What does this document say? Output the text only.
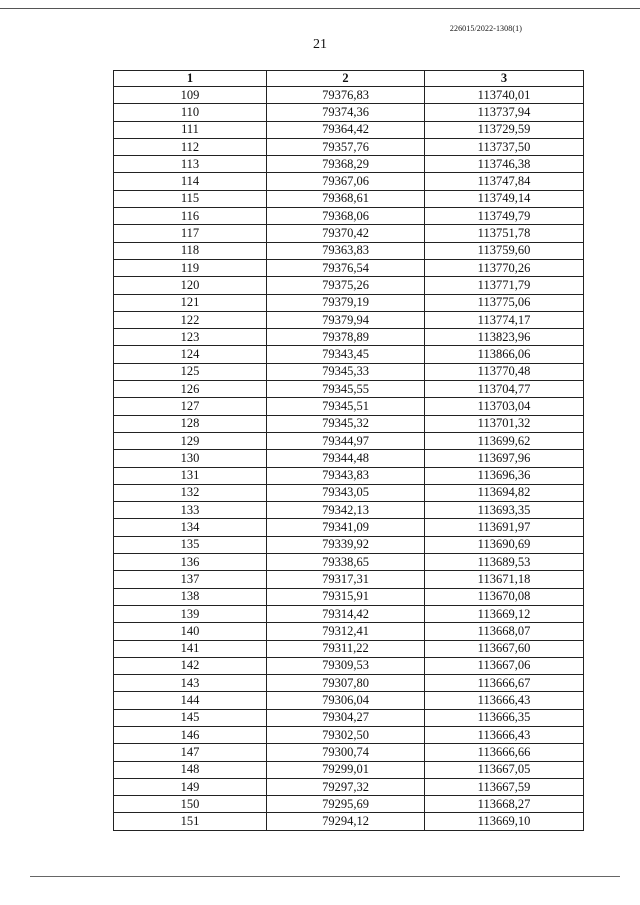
226015/2022-1308(1)
21
1	2	3
109	79376,83	113740,01
110	79374,36	113737,94
111	79364,42	113729,59
112	79357,76	113737,50
113	79368,29	113746,38
114	79367,06	113747,84
115	79368,61	113749,14
116	79368,06	113749,79
117	79370,42	113751,78
118	79363,83	113759,60
119	79376,54	113770,26
120	79375,26	113771,79
121	79379,19	113775,06
122	79379,94	113774,17
123	79378,89	113823,96
124	79343,45	113866,06
125	79345,33	113770,48
126	79345,55	113704,77
127	79345,51	113703,04
128	79345,32	113701,32
129	79344,97	113699,62
130	79344,48	113697,96
131	79343,83	113696,36
132	79343,05	113694,82
133	79342,13	113693,35
134	79341,09	113691,97
135	79339,92	113690,69
136	79338,65	113689,53
137	79317,31	113671,18
138	79315,91	113670,08
139	79314,42	113669,12
140	79312,41	113668,07
141	79311,22	113667,60
142	79309,53	113667,06
143	79307,80	113666,67
144	79306,04	113666,43
145	79304,27	113666,35
146	79302,50	113666,43
147	79300,74	113666,66
148	79299,01	113667,05
149	79297,32	113667,59
150	79295,69	113668,27
151	79294,12	113669,10
